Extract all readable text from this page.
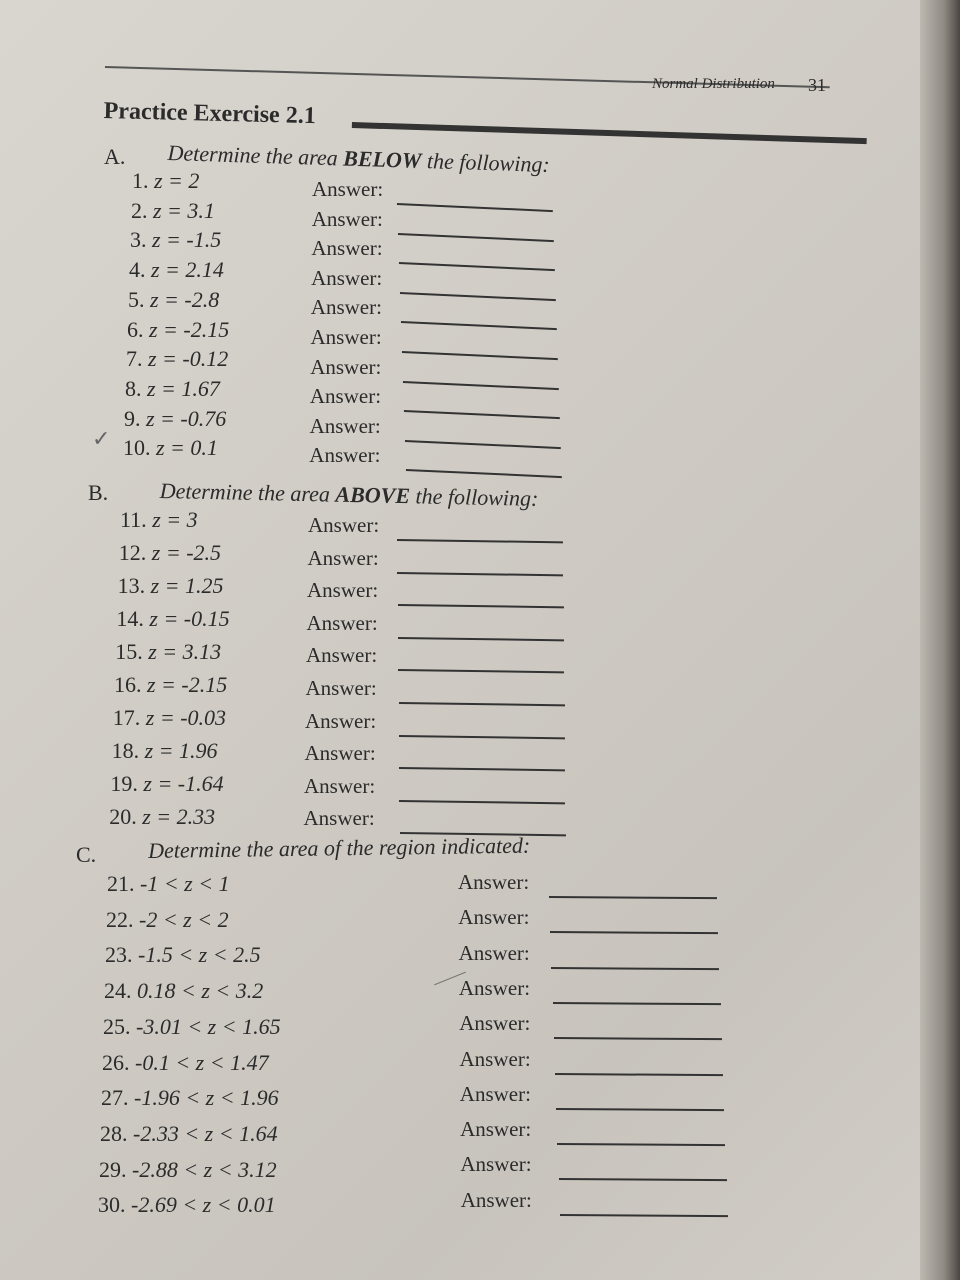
Normal Distribution 31
Practice Exercise 2.1
✓
A. Determine the area BELOW the following:
1. z = 2	Answer:
2. z = 3.1	Answer:
3. z = -1.5	Answer:
4. z = 2.14	Answer:
5. z = -2.8	Answer:
6. z = -2.15	Answer:
7. z = -0.12	Answer:
8. z = 1.67	Answer:
9. z = -0.76	Answer:
10. z = 0.1	Answer:
B. Determine the area ABOVE the following:
11. z = 3	Answer:
12. z = -2.5	Answer:
13. z = 1.25	Answer:
14. z = -0.15	Answer:
15. z = 3.13	Answer:
16. z = -2.15	Answer:
17. z = -0.03	Answer:
18. z = 1.96	Answer:
19. z = -1.64	Answer:
20. z = 2.33	Answer:
C. Determine the area of the region indicated:
21. -1 < z < 1	Answer:
22. -2 < z < 2	Answer:
23. -1.5 < z < 2.5	Answer:
24. 0.18 < z < 3.2	Answer:
25. -3.01 < z < 1.65	Answer:
26. -0.1 < z < 1.47	Answer:
27. -1.96 < z < 1.96	Answer:
28. -2.33 < z < 1.64	Answer:
29. -2.88 < z < 3.12	Answer:
30. -2.69 < z < 0.01	Answer:
